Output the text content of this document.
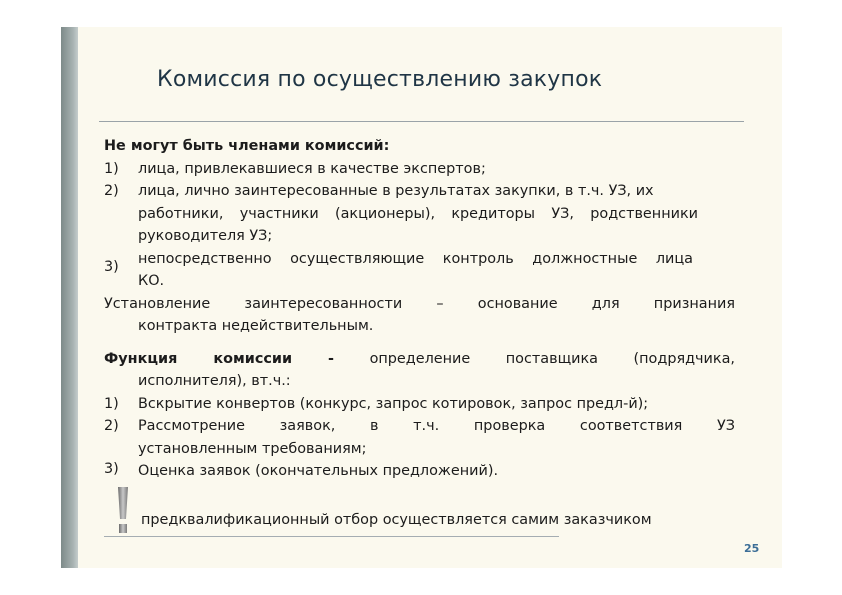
Комиссия по осуществлению закупок
Не могут быть членами комиссий:
1)	лица, привлекавшиеся в качестве экспертов;
2)	лица, лично заинтересованные в результатах закупки, в т.ч. УЗ, их
работники, участники (акционеры), кредиторы УЗ, родственники
руководителя УЗ;
3)	непосредственно осуществляющие контроль должностные лица
КО.
Установление заинтересованности – основание для признания
контракта недействительным.
Функция комиссии - определение поставщика (подрядчика,
исполнителя), вт.ч.:
1)	Вскрытие конвертов (конкурс, запрос котировок, запрос предл-й);
2)	Рассмотрение заявок, в т.ч. проверка соответствия УЗ
установленным требованиям;
3)	Оценка заявок (окончательных предложений).
предквалификационный отбор осуществляется самим заказчиком
25
